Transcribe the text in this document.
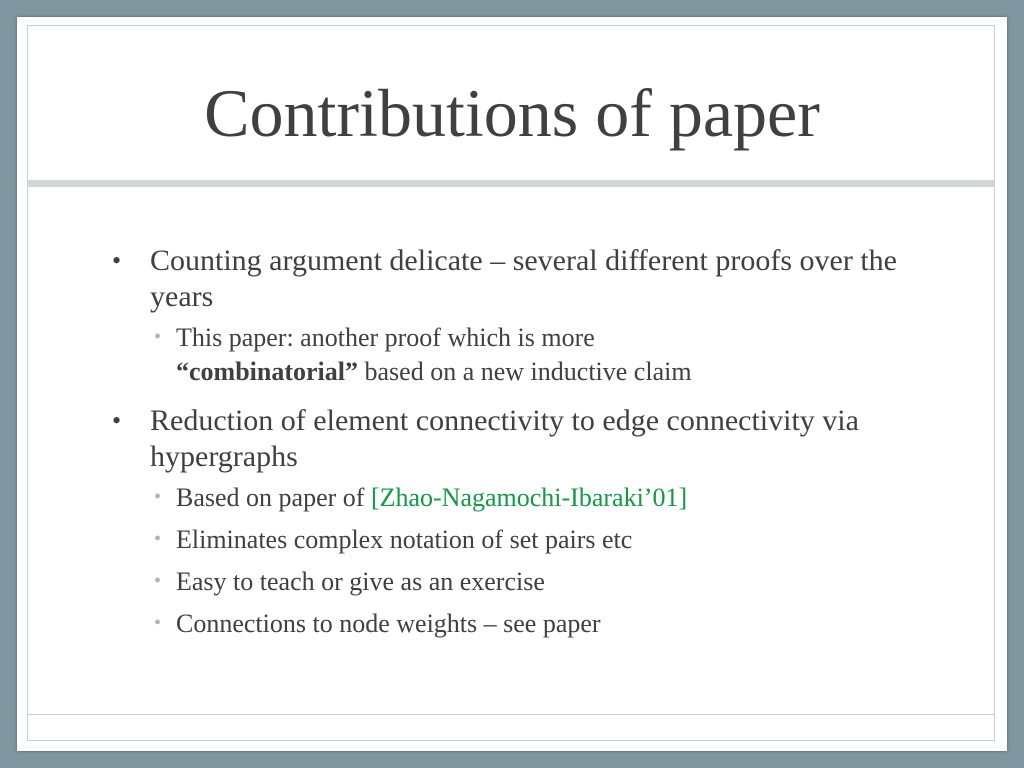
Contributions of paper
• Counting argument delicate – several different proofs over the years
• This paper: another proof which is more
“combinatorial” based on a new inductive claim
• Reduction of element connectivity to edge connectivity via hypergraphs
• Based on paper of [Zhao-Nagamochi-Ibaraki’01]
• Eliminates complex notation of set pairs etc
• Easy to teach or give as an exercise
• Connections to node weights – see paper
